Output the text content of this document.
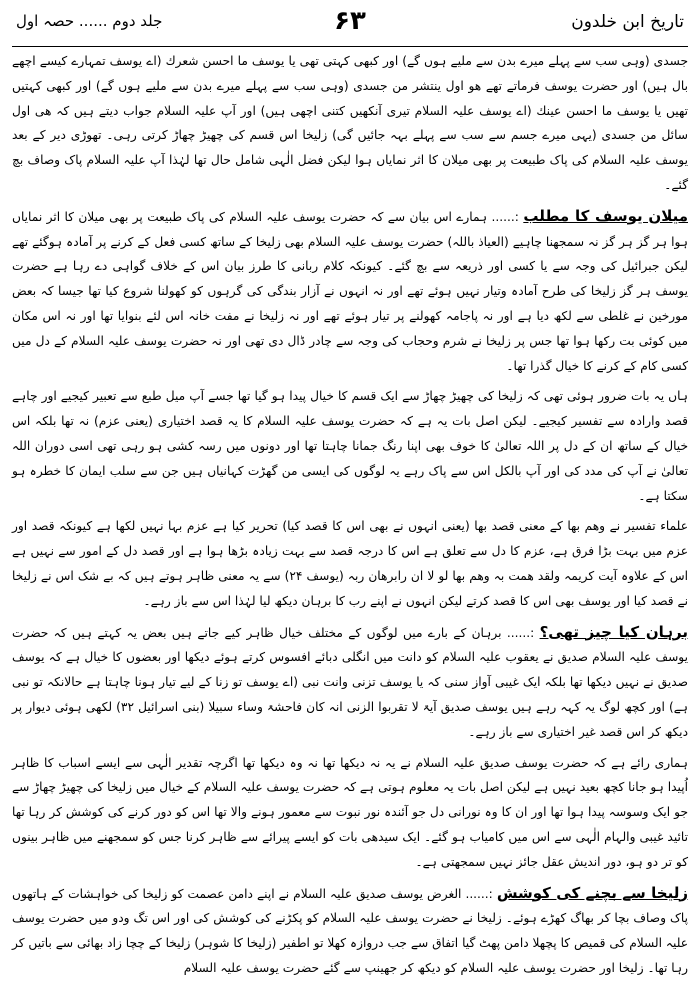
تاریخ ابن خلدون
۶۳
جلد دوم ...... حصہ اول

جسدی (وہی سب سے پہلے میرے بدن سے ملیے ہوں گے) اور کبھی کہتی تھی یا یوسف ما احسن شعرك (اے یوسف تمہارے کیسے اچھے بال ہیں) اور حضرت یوسف فرماتے تھے ھو اول ینتشر من جسدی (وہی سب سے پہلے میرے بدن سے ملیے ہوں گے) اور کبھی کہتیں تھیں یا یوسف ما احسن عینك (اے یوسف علیہ السلام تیری آنکھیں کتنی اچھی ہیں) اور آپ علیہ السلام جواب دیتے ہیں کہ ھی اول سائل من جسدی (یہی میرے جسم سے سب سے پہلے بہہ جائیں گی) زلیخا اس قسم کی چھیڑ چھاڑ کرتی رہی۔ تھوڑی دیر کے بعد یوسف علیہ السلام کی پاک طبیعت پر بھی میلان کا اثر نمایاں ہوا لیکن فضل الٰہی شامل حال تھا لہٰذا آپ علیہ السلام پاک وصاف بچ گئے۔

میلان یوسف کا مطلب :...... ہمارے اس بیان سے کہ حضرت یوسف علیہ السلام کی پاک طبیعت پر بھی میلان کا اثر نمایاں ہوا ہر گز ہر گز نہ سمجھنا چاہیے (العیاذ باللہ) حضرت یوسف علیہ السلام بھی زلیخا کے ساتھ کسی فعل کے کرنے پر آمادہ ہوگئے تھے لیکن جبرائیل کی وجہ سے یا کسی اور ذریعہ سے بچ گئے۔ کیونکہ کلام ربانی کا طرز بیان اس کے خلاف گواہی دے رہا ہے حضرت یوسف ہر گز زلیخا کی طرح آمادہ وتیار نہیں ہوئے تھے اور نہ انہوں نے آزار بندگی کی گرہوں کو کھولنا شروع کیا تھا جیسا کہ بعض مورخین نے غلطی سے لکھ دیا ہے اور نہ پاجامہ کھولنے پر تیار ہوئے تھے اور نہ زلیخا نے مفت خانہ اس لئے بنوایا تھا اور نہ اس مکان میں کوئی بت رکھا ہوا تھا جس پر زلیخا نے شرم وحجاب کی وجہ سے چادر ڈال دی تھی اور نہ حضرت یوسف علیہ السلام کے دل میں کسی کام کے کرنے کا خیال گذرا تھا۔

ہاں یہ بات ضرور ہوئی تھی کہ زلیخا کی چھیڑ چھاڑ سے ایک قسم کا خیال پیدا ہو گیا تھا جسے آپ میل طبع سے تعبیر کیجیے اور چاہے قصد وارادہ سے تفسیر کیجیے۔ لیکن اصل بات یہ ہے کہ حضرت یوسف علیہ السلام کا یہ قصد اختیاری (یعنی عزم) نہ تھا بلکہ اس خیال کے ساتھ ان کے دل پر اللہ تعالیٰ کا خوف بھی اپنا رنگ جمانا چاہتا تھا اور دونوں میں رسہ کشی ہو رہی تھی اسی دوران اللہ تعالیٰ نے آپ کی مدد کی اور آپ بالکل اس سے پاک رہے یہ لوگوں کی ایسی من گھڑت کہانیاں ہیں جن سے سلب ایمان کا خطرہ ہو سکتا ہے۔

علماء تفسیر نے وھم بھا کے معنی قصد بھا (یعنی انہوں نے بھی اس کا قصد کیا) تحریر کیا ہے عزم بہا نہیں لکھا ہے کیونکہ قصد اور عزم میں بہت بڑا فرق ہے، عزم کا دل سے تعلق ہے اس کا درجہ قصد سے بہت زیادہ بڑھا ہوا ہے اور قصد دل کے امور سے نہیں ہے اس کے علاوہ آیت کریمہ ولقد ھمت بہ وھم بھا لو لا ان رابرھان ربہ (یوسف ۲۴) سے یہ معنی ظاہر ہوتے ہیں کہ بے شک اس نے زلیخا نے قصد کیا اور یوسف بھی اس کا قصد کرتے لیکن انہوں نے اپنے رب کا برہان دیکھ لیا لہٰذا اس سے باز رہے۔

برہان کیا چیز تھی؟ :...... برہان کے بارے میں لوگوں کے مختلف خیال ظاہر کیے جاتے ہیں بعض یہ کہتے ہیں کہ حضرت یوسف علیہ السلام صدیق نے یعقوب علیہ السلام کو دانت میں انگلی دبائے افسوس کرتے ہوئے دیکھا اور بعضوں کا خیال ہے کہ یوسف صدیق نے نہیں دیکھا تھا بلکہ ایک غیبی آواز سنی کہ یا یوسف تزنی وانت نبی (اے یوسف تو زنا کے لیے تیار ہونا چاہتا ہے حالانکہ تو نبی ہے) اور کچھ لوگ یہ کہہ رہے ہیں یوسف صدیق آیۃ لا تقربوا الزنی انہ کان فاحشۃ وساء سبیلا (بنی اسرائیل ۳۲) لکھی ہوئی دیوار پر دیکھ کر اس قصد غیر اختیاری سے باز رہے۔

ہماری رائے ہے کہ حضرت یوسف صدیق علیہ السلام نے یہ نہ دیکھا تھا نہ وہ دیکھا تھا اگرچہ تقدیر الٰہی سے ایسے اسباب کا ظاہر اُپیدا ہو جانا کچھ بعید نہیں ہے لیکن اصل بات یہ معلوم ہوتی ہے کہ حضرت یوسف علیہ السلام کے خیال میں زلیخا کی چھیڑ چھاڑ سے جو ایک وسوسہ پیدا ہوا تھا اور ان کا وہ نورانی دل جو آئندہ نور نبوت سے معمور ہونے والا تھا اس کو دور کرنے کی کوشش کر رہا تھا تائید غیبی والہام الٰہی سے اس میں کامیاب ہو گئے۔ ایک سیدھی بات کو ایسے پیرائے سے ظاہر کرنا جس کو سمجھنے میں ظاہر بینوں کو تر دو ہو، دور اندیش عقل جائز نہیں سمجھتی ہے۔

زلیخا سے بچنے کی کوشش :...... الغرض یوسف صدیق علیہ السلام نے اپنے دامن عصمت کو زلیخا کی خواہشات کے ہاتھوں پاک وصاف بچا کر بھاگ کھڑے ہوئے۔ زلیخا نے حضرت یوسف علیہ السلام کو پکڑنے کی کوشش کی اور اس تگ ودو میں حضرت یوسف علیہ السلام کی قمیص کا پچھلا دامن پھٹ گیا اتفاق سے جب دروازہ کھلا تو اطفیر (زلیخا کا شوہر) زلیخا کے چچا زاد بھائی سے باتیں کر رہا تھا۔ زلیخا اور حضرت یوسف علیہ السلام کو دیکھ کر جھینپ سے گئے حضرت یوسف علیہ السلام
